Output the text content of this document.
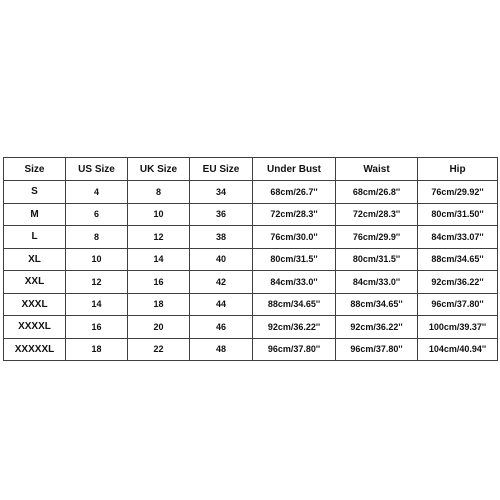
Size	US Size	UK Size	EU Size	Under Bust	Waist	Hip
S	4	8	34	68cm/26.7''	68cm/26.8''	76cm/29.92''
M	6	10	36	72cm/28.3''	72cm/28.3''	80cm/31.50''
L	8	12	38	76cm/30.0''	76cm/29.9''	84cm/33.07''
XL	10	14	40	80cm/31.5''	80cm/31.5''	88cm/34.65''
XXL	12	16	42	84cm/33.0''	84cm/33.0''	92cm/36.22''
XXXL	14	18	44	88cm/34.65''	88cm/34.65''	96cm/37.80''
XXXXL	16	20	46	92cm/36.22''	92cm/36.22''	100cm/39.37''
XXXXXL	18	22	48	96cm/37.80''	96cm/37.80''	104cm/40.94''
